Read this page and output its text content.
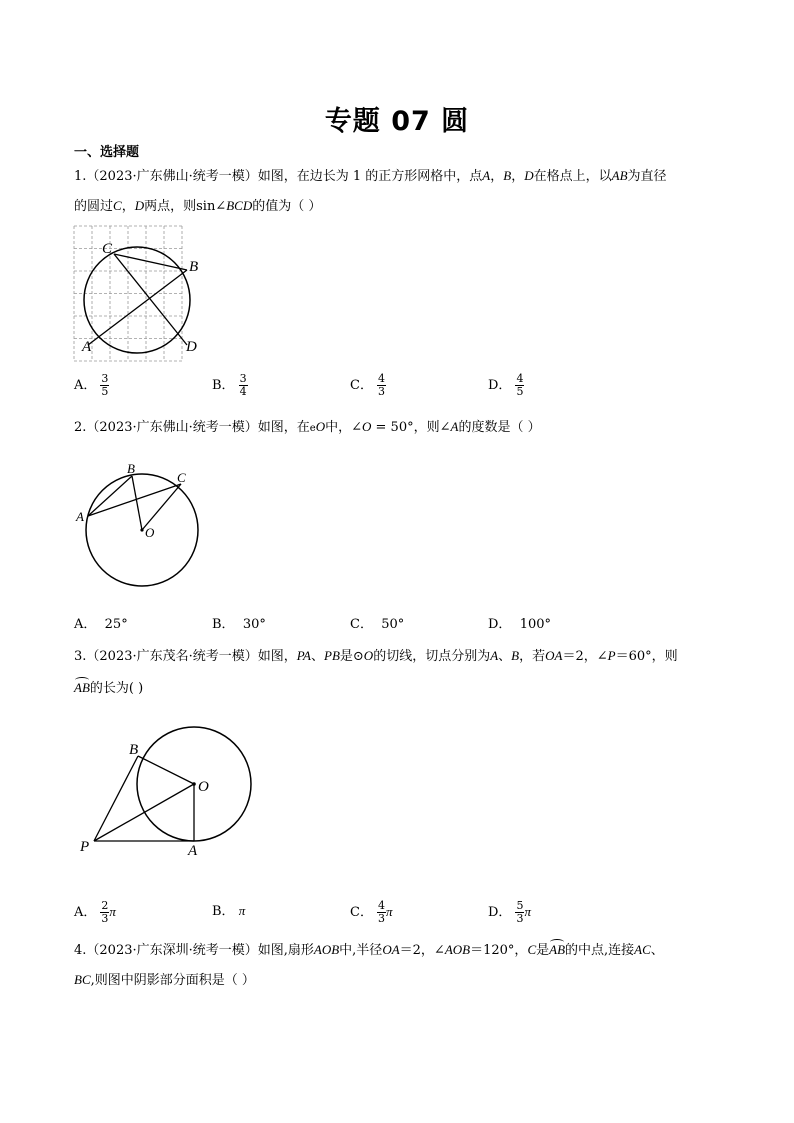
专题 07 圆
一、选择题
1.（2023·广东佛山·统考一模）如图，在边长为 1 的正方形网格中，点A，B，D在格点上，以AB为直径
的圆过C，D两点，则sin∠BCD的值为（ ）
C
B
A	D
A． $\frac{3}{5}$	B． $\frac{3}{4}$	C． $\frac{4}{3}$	D． $\frac{4}{5}$
2.（2023·广东佛山·统考一模）如图，在eO中，∠O = 50°，则∠A的度数是（ ）
B
C
A
O
A． 25°	B． 30°	C． 50°	D． 100°
3.（2023·广东茂名·统考一模）如图，PA、PB是⊙O的切线，切点分别为A、B，若OA＝2，∠P＝60°，则
AB的长为( )
B
O
P	A
A． $\frac{2}{3}$ π	B． π	C． $\frac{4}{3}$ π	D． $\frac{5}{3}$ π
4.（2023·广东深圳·统考一模）如图,扇形AOB中,半径OA＝2，∠AOB＝120°，C是AB的中点,连接AC、
BC,则图中阴影部分面积是（ ）
